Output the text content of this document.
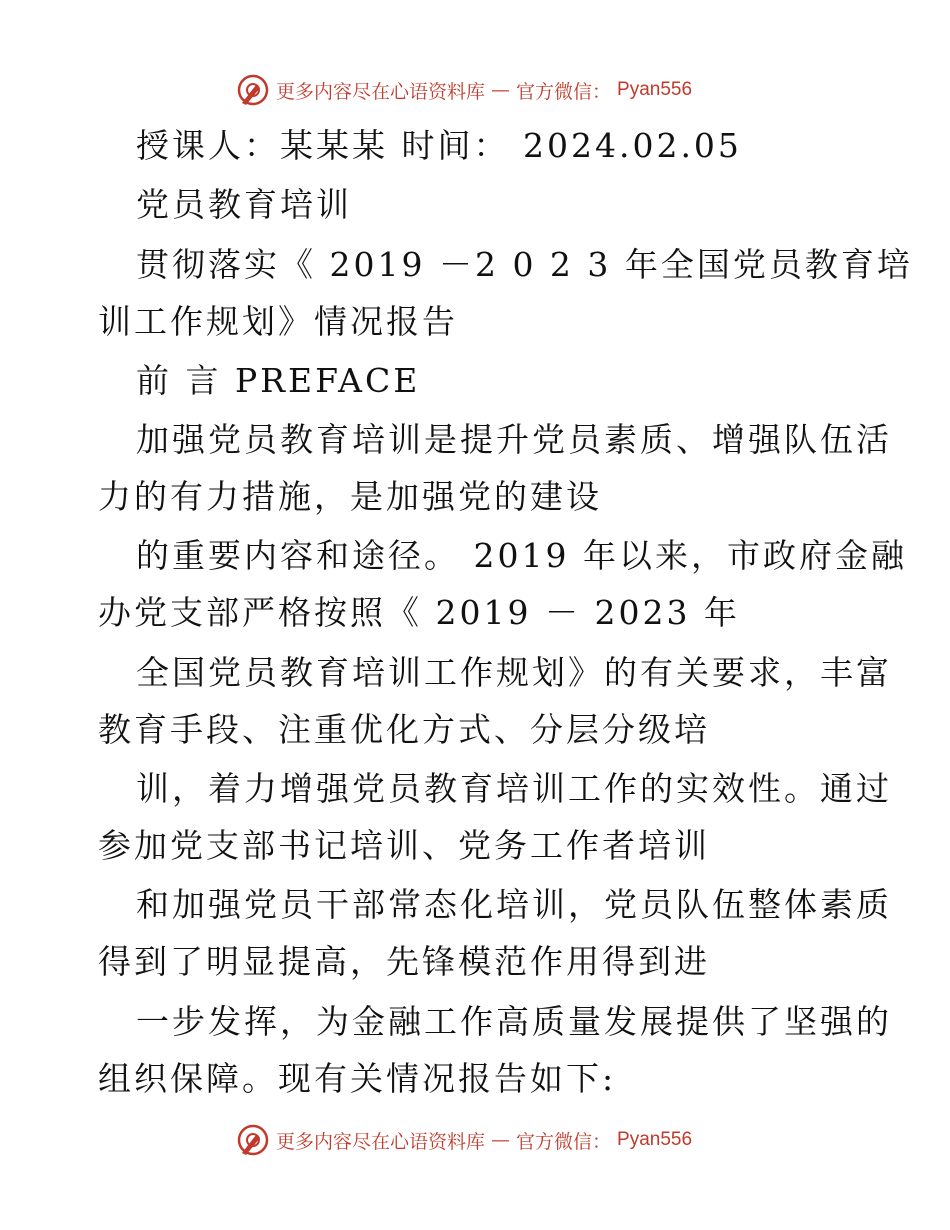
更多内容尽在心语资料库 — 官方微信： Pyan556
授课人：某某某 时间： 2024.02.05
党员教育培训
贯彻落实《 2019 －2 0 2 3 年全国党员教育培
训工作规划》情况报告
前 言 PREFACE
加强党员教育培训是提升党员素质、增强队伍活
力的有力措施，是加强党的建设
的重要内容和途径。 2019 年以来，市政府金融
办党支部严格按照《 2019 － 2023 年
全国党员教育培训工作规划》的有关要求，丰富
教育手段、注重优化方式、分层分级培
训，着力增强党员教育培训工作的实效性。通过
参加党支部书记培训、党务工作者培训
和加强党员干部常态化培训，党员队伍整体素质
得到了明显提高，先锋模范作用得到进
一步发挥，为金融工作高质量发展提供了坚强的
组织保障。现有关情况报告如下:
更多内容尽在心语资料库 — 官方微信： Pyan556
